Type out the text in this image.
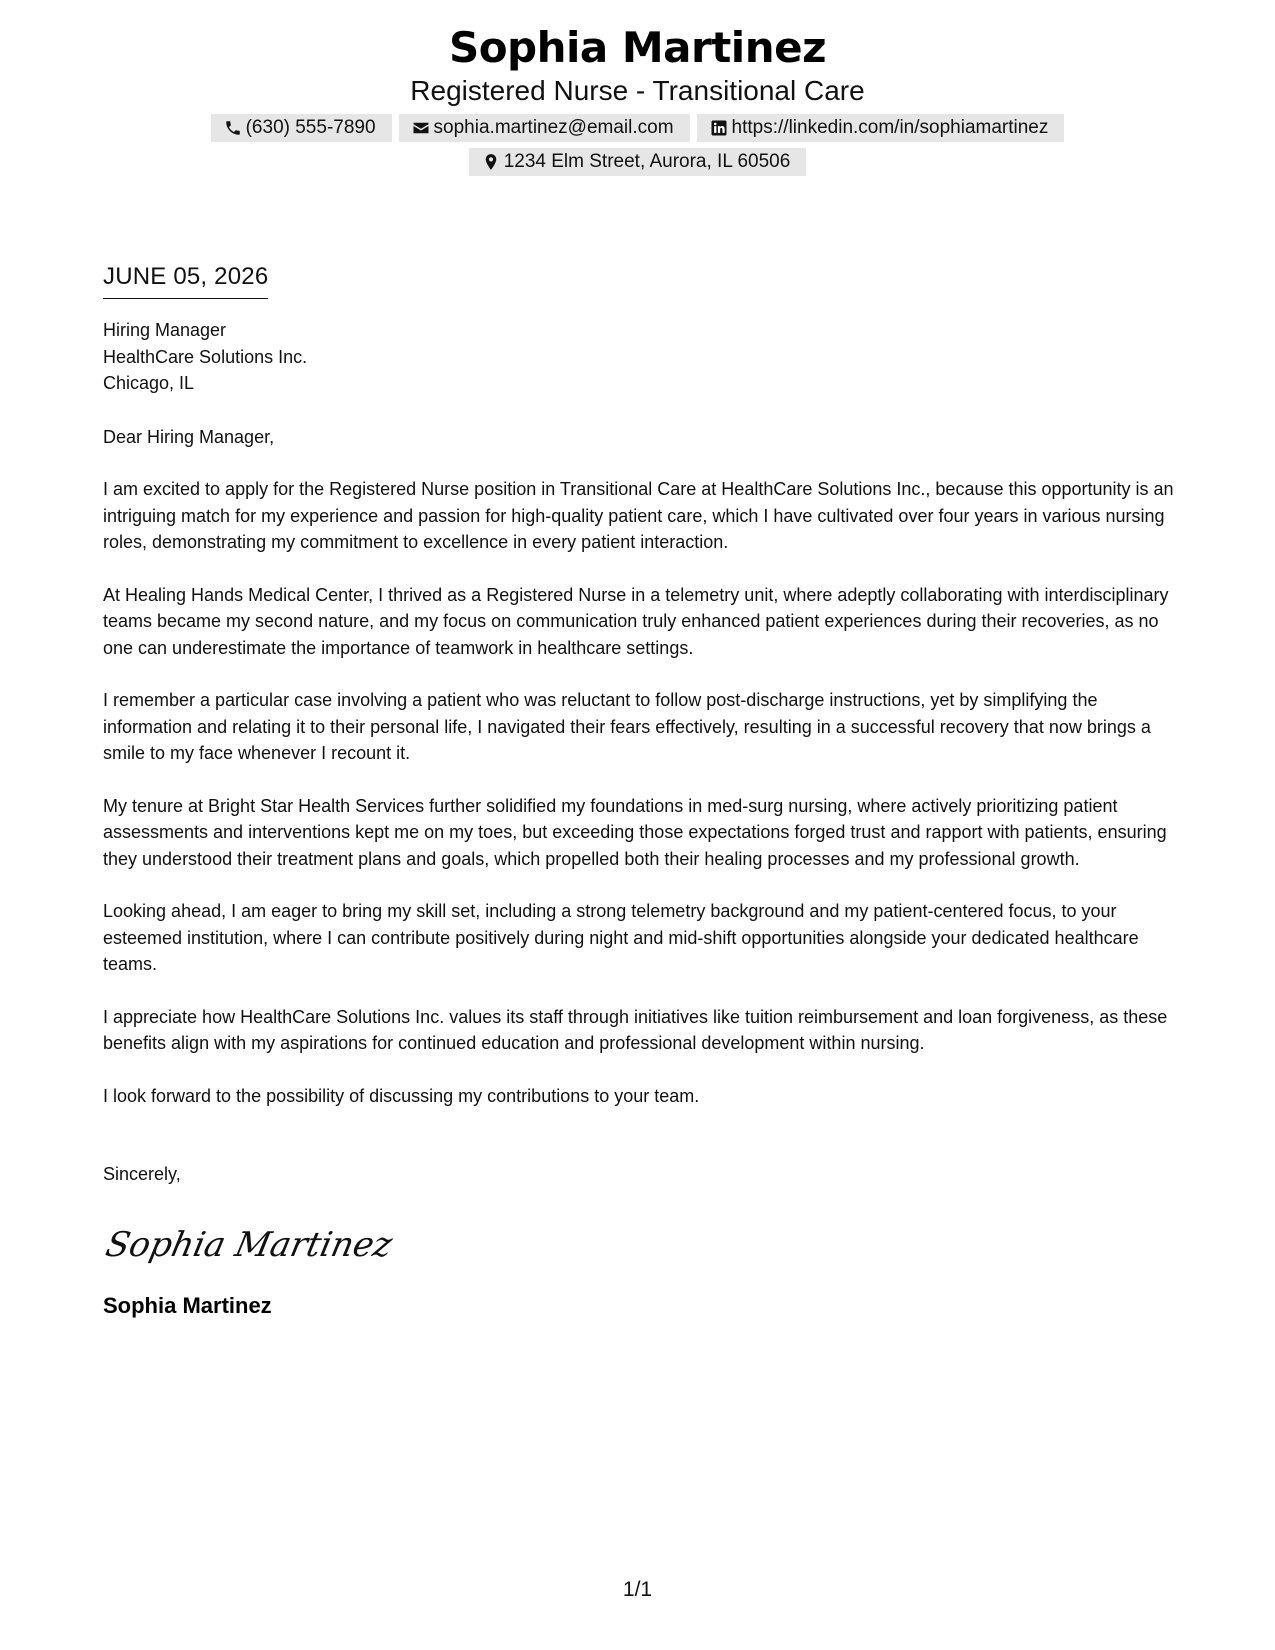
Sophia Martinez
Registered Nurse - Transitional Care
(630) 555-7890	sophia.martinez@email.com	https://linkedin.com/in/sophiamartinez
1234 Elm Street, Aurora, IL 60506
JUNE 05, 2026
Hiring Manager
HealthCare Solutions Inc.
Chicago, IL
Dear Hiring Manager,
I am excited to apply for the Registered Nurse position in Transitional Care at HealthCare Solutions Inc., because this opportunity is an intriguing match for my experience and passion for high-quality patient care, which I have cultivated over four years in various nursing roles, demonstrating my commitment to excellence in every patient interaction.
At Healing Hands Medical Center, I thrived as a Registered Nurse in a telemetry unit, where adeptly collaborating with interdisciplinary teams became my second nature, and my focus on communication truly enhanced patient experiences during their recoveries, as no one can underestimate the importance of teamwork in healthcare settings.
I remember a particular case involving a patient who was reluctant to follow post-discharge instructions, yet by simplifying the information and relating it to their personal life, I navigated their fears effectively, resulting in a successful recovery that now brings a smile to my face whenever I recount it.
My tenure at Bright Star Health Services further solidified my foundations in med-surg nursing, where actively prioritizing patient assessments and interventions kept me on my toes, but exceeding those expectations forged trust and rapport with patients, ensuring they understood their treatment plans and goals, which propelled both their healing processes and my professional growth.
Looking ahead, I am eager to bring my skill set, including a strong telemetry background and my patient-centered focus, to your esteemed institution, where I can contribute positively during night and mid-shift opportunities alongside your dedicated healthcare teams.
I appreciate how HealthCare Solutions Inc. values its staff through initiatives like tuition reimbursement and loan forgiveness, as these benefits align with my aspirations for continued education and professional development within nursing.
I look forward to the possibility of discussing my contributions to your team.
Sincerely,
Sophia Martinez
Sophia Martinez
1/1
